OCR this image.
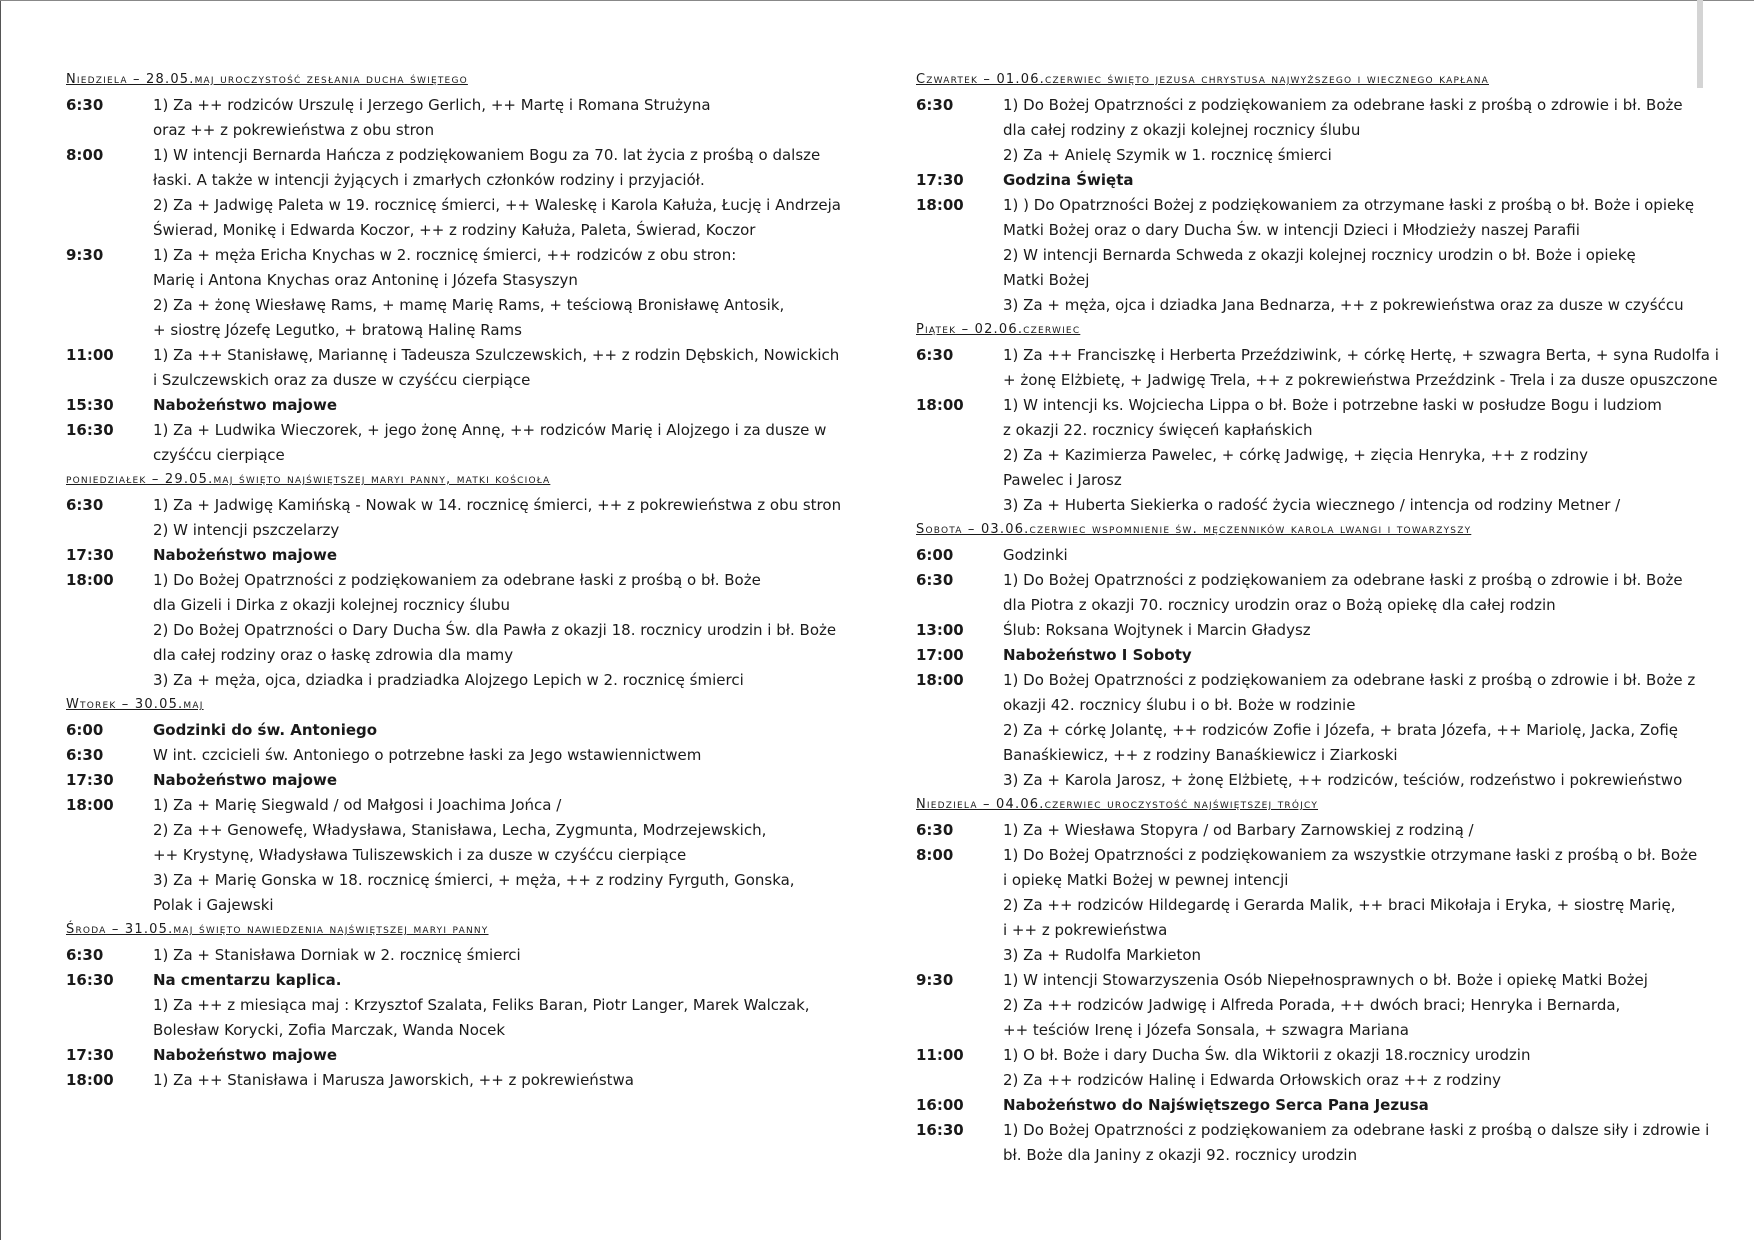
Niedziela – 28.05.maj uroczystość zesłania ducha świętego
6:30	1) Za ++ rodziców Urszulę i Jerzego Gerlich, ++ Martę i Romana Strużyna
oraz ++ z pokrewieństwa z obu stron
8:00	1) W intencji Bernarda Hańcza z podziękowaniem Bogu za 70. lat życia z prośbą o dalsze
łaski. A także w intencji żyjących i zmarłych członków rodziny i przyjaciół.
2) Za + Jadwigę Paleta w 19. rocznicę śmierci, ++ Waleskę i Karola Kałuża, Łucję i Andrzeja
Świerad, Monikę i Edwarda Koczor, ++ z rodziny Kałuża, Paleta, Świerad, Koczor
9:30	1) Za + męża Ericha Knychas w 2. rocznicę śmierci, ++ rodziców z obu stron:
Marię i Antona Knychas oraz Antoninę i Józefa Stasyszyn
2) Za + żonę Wiesławę Rams, + mamę Marię Rams, + teściową Bronisławę Antosik,
+ siostrę Józefę Legutko, + bratową Halinę Rams
11:00	1) Za ++ Stanisławę, Mariannę i Tadeusza Szulczewskich, ++ z rodzin Dębskich, Nowickich
i Szulczewskich oraz za dusze w czyśćcu cierpiące
15:30	Nabożeństwo majowe
16:30	1) Za + Ludwika Wieczorek, + jego żonę Annę, ++ rodziców Marię i Alojzego i za dusze w
czyśćcu cierpiące
poniedziałek – 29.05.maj święto najświętszej maryi panny, matki kościoła
6:30	1) Za + Jadwigę Kamińską - Nowak w 14. rocznicę śmierci, ++ z pokrewieństwa z obu stron
2) W intencji pszczelarzy
17:30	Nabożeństwo majowe
18:00	1) Do Bożej Opatrzności z podziękowaniem za odebrane łaski z prośbą o bł. Boże
dla Gizeli i Dirka z okazji kolejnej rocznicy ślubu
2) Do Bożej Opatrzności o Dary Ducha Św. dla Pawła z okazji 18. rocznicy urodzin i bł. Boże
dla całej rodziny oraz o łaskę zdrowia dla mamy
3) Za + męża, ojca, dziadka i pradziadka Alojzego Lepich w 2. rocznicę śmierci
Wtorek – 30.05.maj
6:00	Godzinki do św. Antoniego
6:30	W int. czcicieli św. Antoniego o potrzebne łaski za Jego wstawiennictwem
17:30	Nabożeństwo majowe
18:00	1) Za + Marię Siegwald / od Małgosi i Joachima Jońca /
2) Za ++ Genowefę, Władysława, Stanisława, Lecha, Zygmunta, Modrzejewskich,
++ Krystynę, Władysława Tuliszewskich i za dusze w czyśćcu cierpiące
3) Za + Marię Gonska w 18. rocznicę śmierci, + męża, ++ z rodziny Fyrguth, Gonska,
Polak i Gajewski
Środa – 31.05.maj święto nawiedzenia najświętszej maryi panny
6:30	1) Za + Stanisława Dorniak w 2. rocznicę śmierci
16:30	Na cmentarzu kaplica.
1) Za ++ z miesiąca maj : Krzysztof Szalata, Feliks Baran, Piotr Langer, Marek Walczak,
Bolesław Korycki, Zofia Marczak, Wanda Nocek
17:30	Nabożeństwo majowe
18:00	1) Za ++ Stanisława i Marusza Jaworskich, ++ z pokrewieństwa
Czwartek – 01.06.czerwiec święto jezusa chrystusa najwyższego i wiecznego kapłana
6:30	1) Do Bożej Opatrzności z podziękowaniem za odebrane łaski z prośbą o zdrowie i bł. Boże
dla całej rodziny z okazji kolejnej rocznicy ślubu
2) Za + Anielę Szymik w 1. rocznicę śmierci
17:30	Godzina Święta
18:00	1) ) Do Opatrzności Bożej z podziękowaniem za otrzymane łaski z prośbą o bł. Boże i opiekę
Matki Bożej oraz o dary Ducha Św. w intencji Dzieci i Młodzieży naszej Parafii
2) W intencji Bernarda Schweda z okazji kolejnej rocznicy urodzin o bł. Boże i opiekę
Matki Bożej
3) Za + męża, ojca i dziadka Jana Bednarza, ++ z pokrewieństwa oraz za dusze w czyśćcu
Piątek – 02.06.czerwiec
6:30	1) Za ++ Franciszkę i Herberta Przeździwink, + córkę Hertę, + szwagra Berta, + syna Rudolfa i
+ żonę Elżbietę, + Jadwigę Trela, ++ z pokrewieństwa Przeździnk - Trela i za dusze opuszczone
18:00	1) W intencji ks. Wojciecha Lippa o bł. Boże i potrzebne łaski w posłudze Bogu i ludziom
z okazji 22. rocznicy święceń kapłańskich
2) Za + Kazimierza Pawelec, + córkę Jadwigę, + zięcia Henryka, ++ z rodziny
Pawelec i Jarosz
3) Za + Huberta Siekierka o radość życia wiecznego / intencja od rodziny Metner /
Sobota – 03.06.czerwiec wspomnienie św. męczenników karola lwangi i towarzyszy
6:00	Godzinki
6:30	1) Do Bożej Opatrzności z podziękowaniem za odebrane łaski z prośbą o zdrowie i bł. Boże
dla Piotra z okazji 70. rocznicy urodzin oraz o Bożą opiekę dla całej rodzin
13:00	Ślub: Roksana Wojtynek i Marcin Gładysz
17:00	Nabożeństwo I Soboty
18:00	1) Do Bożej Opatrzności z podziękowaniem za odebrane łaski z prośbą o zdrowie i bł. Boże z
okazji 42. rocznicy ślubu i o bł. Boże w rodzinie
2) Za + córkę Jolantę, ++ rodziców Zofie i Józefa, + brata Józefa, ++ Mariolę, Jacka, Zofię
Banaśkiewicz, ++ z rodziny Banaśkiewicz i Ziarkoski
3) Za + Karola Jarosz, + żonę Elżbietę, ++ rodziców, teściów, rodzeństwo i pokrewieństwo
Niedziela – 04.06.czerwiec uroczystość najświętszej trójcy
6:30	1) Za + Wiesława Stopyra / od Barbary Zarnowskiej z rodziną /
8:00	1) Do Bożej Opatrzności z podziękowaniem za wszystkie otrzymane łaski z prośbą o bł. Boże
i opiekę Matki Bożej w pewnej intencji
2) Za ++ rodziców Hildegardę i Gerarda Malik, ++ braci Mikołaja i Eryka, + siostrę Marię,
i ++ z pokrewieństwa
3) Za + Rudolfa Markieton
9:30	1) W intencji Stowarzyszenia Osób Niepełnosprawnych o bł. Boże i opiekę Matki Bożej
2) Za ++ rodziców Jadwigę i Alfreda Porada, ++ dwóch braci; Henryka i Bernarda,
++ teściów Irenę i Józefa Sonsala, + szwagra Mariana
11:00	1) O bł. Boże i dary Ducha Św. dla Wiktorii z okazji 18.rocznicy urodzin
2) Za ++ rodziców Halinę i Edwarda Orłowskich oraz ++ z rodziny
16:00	Nabożeństwo do Najświętszego Serca Pana Jezusa
16:30	1) Do Bożej Opatrzności z podziękowaniem za odebrane łaski z prośbą o dalsze siły i zdrowie i
bł. Boże dla Janiny z okazji 92. rocznicy urodzin
